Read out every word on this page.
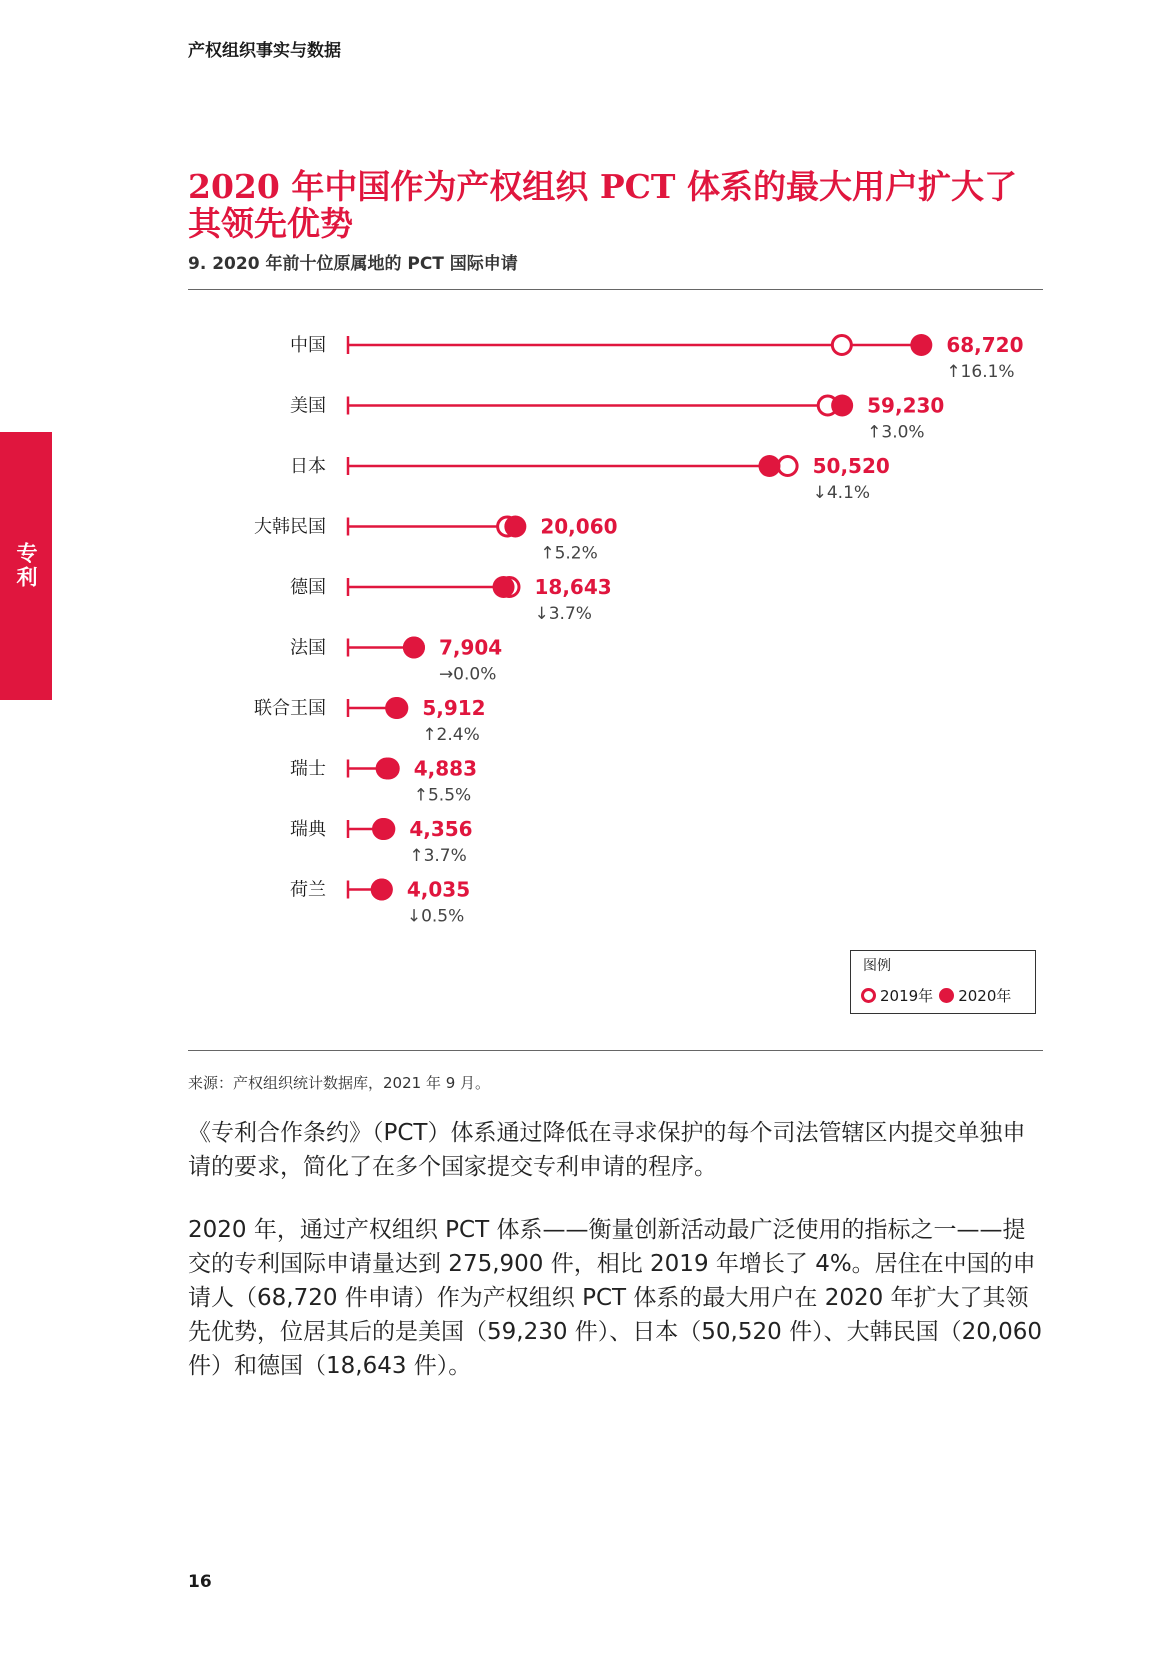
产权组织事实与数据
专利
2020 年中国作为产权组织 PCT 体系的最大用户扩大了其领先优势
9. 2020 年前十位原属地的 PCT 国际申请
中国	68,720
↑16.1%
美国	59,230
↑3.0%
日本	50,520
↓4.1%
大韩民国	20,060
↑5.2%
德国	18,643
↓3.7%
法国	7,904
→0.0%
联合王国	5,912
↑2.4%
瑞士	4,883
↑5.5%
瑞典	4,356
↑3.7%
荷兰	4,035
↓0.5%
图例
2019年 2020年
来源：产权组织统计数据库，2021 年 9 月。

《专利合作条约》（PCT）体系通过降低在寻求保护的每个司法管辖区内提交单独申请的要求，简化了在多个国家提交专利申请的程序。

2020 年，通过产权组织 PCT 体系——衡量创新活动最广泛使用的指标之一——提交的专利国际申请量达到 275,900 件，相比 2019 年增长了 4%。居住在中国的申请人（68,720 件申请）作为产权组织 PCT 体系的最大用户在 2020 年扩大了其领先优势，位居其后的是美国（59,230 件）、日本（50,520 件）、大韩民国（20,060 件）和德国（18,643 件）。

16
